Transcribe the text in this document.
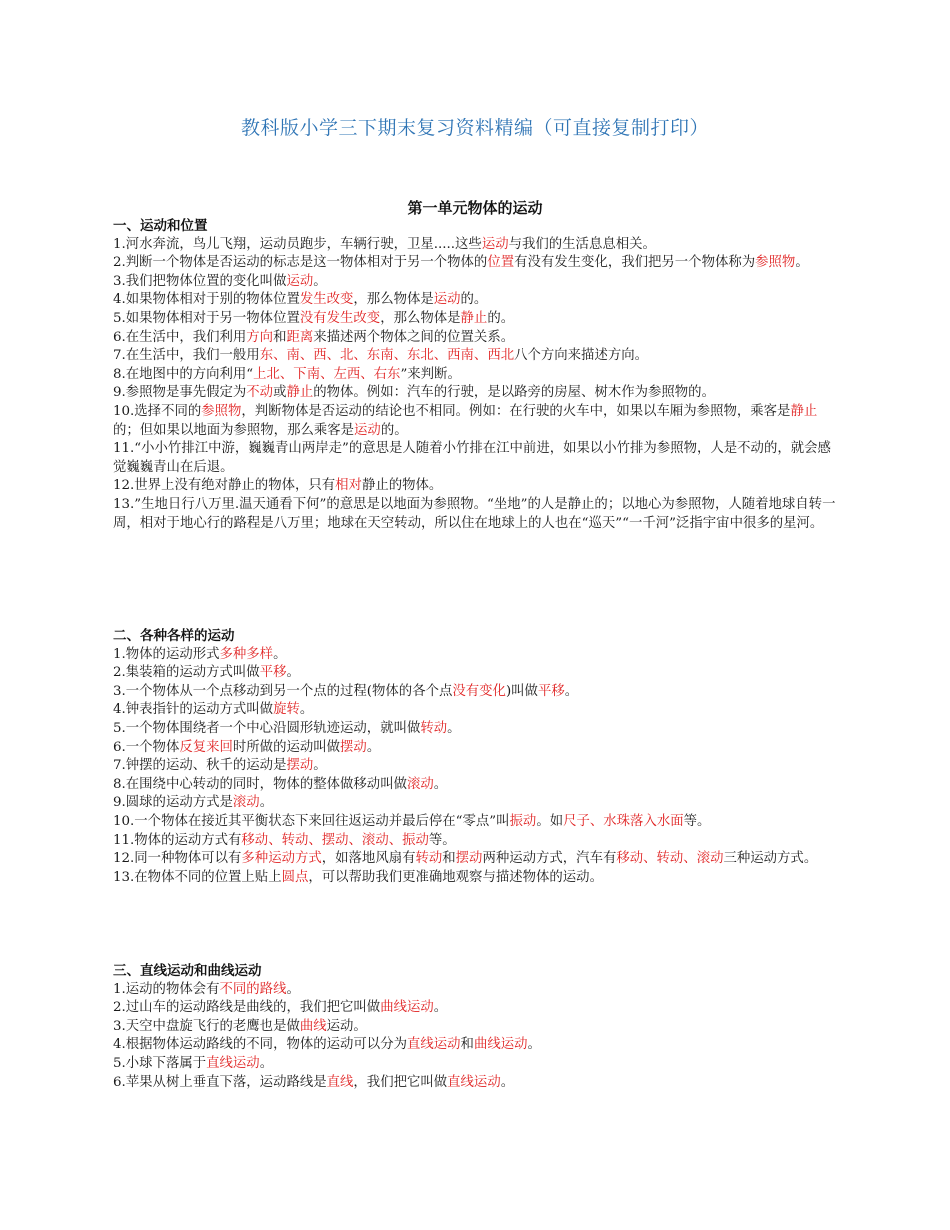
教科版小学三下期末复习资料精编（可直接复制打印）
第一单元物体的运动
一、运动和位置
1.河水奔流，鸟儿飞翔，运动员跑步，车辆行驶，卫星.....这些运动与我们的生活息息相关。
2.判断一个物体是否运动的标志是这一物体相对于另一个物体的位置有没有发生变化，我们把另一个物体称为参照物。
3.我们把物体位置的变化叫做运动。
4.如果物体相对于别的物体位置发生改变，那么物体是运动的。
5.如果物体相对于另一物体位置没有发生改变，那么物体是静止的。
6.在生活中，我们利用方向和距离来描述两个物体之间的位置关系。
7.在生活中，我们一般用东、南、西、北、东南、东北、西南、西北八个方向来描述方向。
8.在地图中的方向利用“上北、下南、左西、右东”来判断。
9.参照物是事先假定为不动或静止的物体。例如：汽车的行驶，是以路旁的房屋、树木作为参照物的。
10.选择不同的参照物，判断物体是否运动的结论也不相同。例如：在行驶的火车中，如果以车厢为参照物，乘客是静止的；但如果以地面为参照物，那么乘客是运动的。
11.“小小竹排江中游，巍巍青山两岸走”的意思是人随着小竹排在江中前进，如果以小竹排为参照物，人是不动的，就会感觉巍巍青山在后退。
12.世界上没有绝对静止的物体，只有相对静止的物体。
13.”生地日行八万里.温天通看下何”的意思是以地面为参照物。“坐地”的人是静止的；以地心为参照物，人随着地球自转一周，相对于地心行的路程是八万里；地球在天空转动，所以住在地球上的人也在“巡天”“一千河”泛指宇宙中很多的星河。
二、各种各样的运动
1.物体的运动形式多种多样。
2.集装箱的运动方式叫做平移。
3.一个物体从一个点移动到另一个点的过程(物体的各个点没有变化)叫做平移。
4.钟表指针的运动方式叫做旋转。
5.一个物体围绕者一个中心沿圆形轨迹运动，就叫做转动。
6.一个物体反复来回时所做的运动叫做摆动。
7.钟摆的运动、秋千的运动是摆动。
8.在围绕中心转动的同时，物体的整体做移动叫做滚动。
9.圆球的运动方式是滚动。
10.一个物体在接近其平衡状态下来回往返运动并最后停在“零点”叫振动。如尺子、水珠落入水面等。
11.物体的运动方式有移动、转动、摆动、滚动、振动等。
12.同一种物体可以有多种运动方式，如落地风扇有转动和摆动两种运动方式，汽车有移动、转动、滚动三种运动方式。
13.在物体不同的位置上贴上圆点，可以帮助我们更准确地观察与描述物体的运动。
三、直线运动和曲线运动
1.运动的物体会有不同的路线。
2.过山车的运动路线是曲线的，我们把它叫做曲线运动。
3.天空中盘旋飞行的老鹰也是做曲线运动。
4.根据物体运动路线的不同，物体的运动可以分为直线运动和曲线运动。
5.小球下落属于直线运动。
6.苹果从树上垂直下落，运动路线是直线，我们把它叫做直线运动。
